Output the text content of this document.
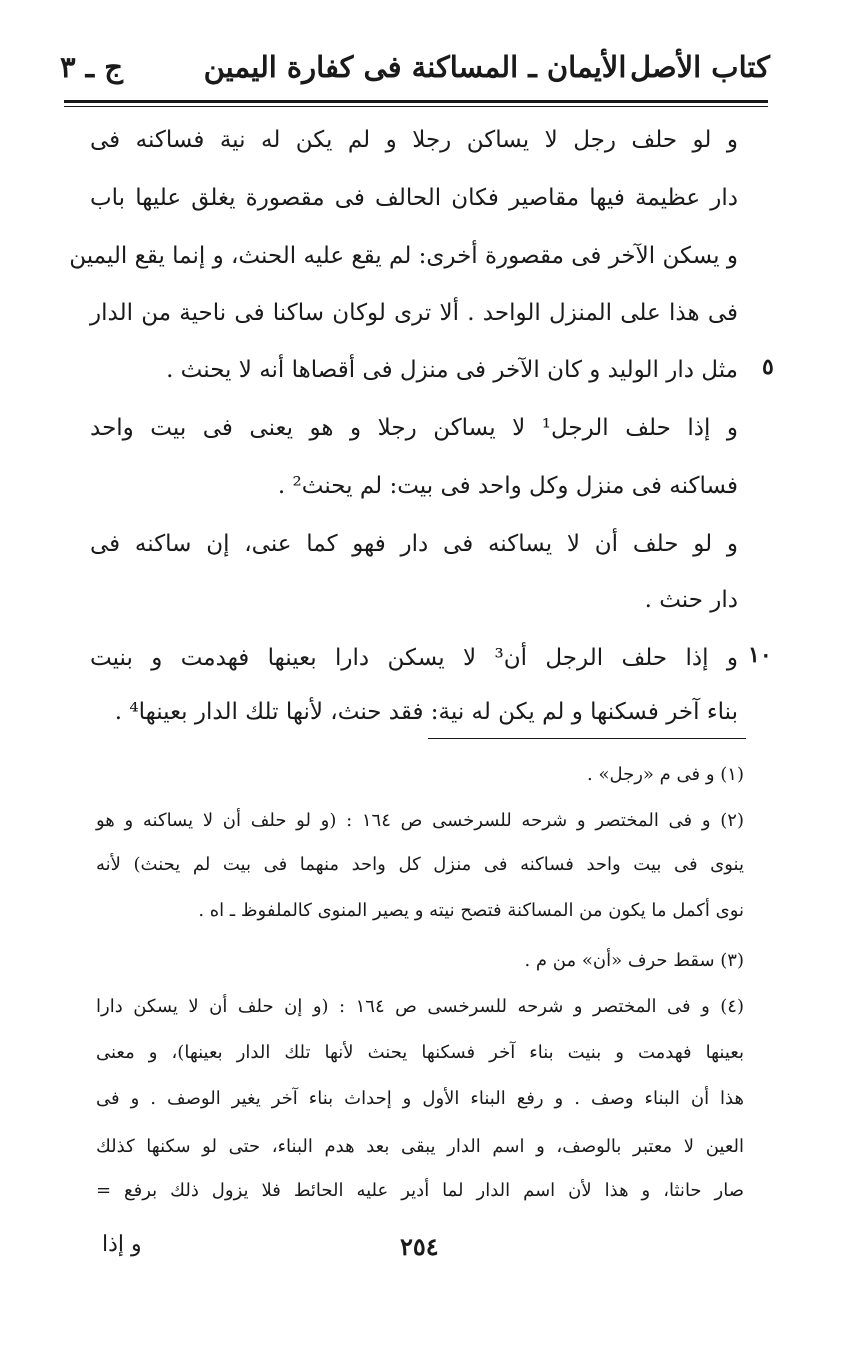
كتاب الأصل
الأيمان ـ المساكنة فى كفارة اليمين
ج ـ ٣
و لو حلف رجل لا يساكن رجلا و لم يكن له نية فساكنه فى
دار عظيمة فيها مقاصير فكان الحالف فى مقصورة يغلق عليها باب
و يسكن الآخر فى مقصورة أخرى: لم يقع عليه الحنث، و إنما يقع اليمين
فى هذا على المنزل الواحد . ألا ترى لوكان ساكنا فى ناحية من الدار
مثل دار الوليد و كان الآخر فى منزل فى أقصاها أنه لا يحنث . ٥
و إذا حلف الرجل¹ لا يساكن رجلا و هو يعنى فى بيت واحد
فساكنه فى منزل وكل واحد فى بيت: لم يحنث² .
و لو حلف أن لا يساكنه فى دار فهو كما عنى، إن ساكنه فى
دار حنث .
و إذا حلف الرجل أن³ لا يسكن دارا بعينها فهدمت و بنيت ١٠
بناء آخر فسكنها و لم يكن له نية: فقد حنث، لأنها تلك الدار بعينها⁴ .
(١) و فى م «رجل» .
(٢) و فى المختصر و شرحه للسرخسى ص ١٦٤ : (و لو حلف أن لا يساكنه و هو
ينوى فى بيت واحد فساكنه فى منزل كل واحد منهما فى بيت لم يحنث) لأنه
نوى أكمل ما يكون من المساكنة فتصح نيته و يصير المنوى كالملفوظ ـ اه .
(٣) سقط حرف «أن» من م .
(٤) و فى المختصر و شرحه للسرخسى ص ١٦٤ : (و إن حلف أن لا يسكن دارا
بعينها فهدمت و بنيت بناء آخر فسكنها يحنث لأنها تلك الدار بعينها)، و معنى
هذا أن البناء وصف . و رفع البناء الأول و إحداث بناء آخر يغير الوصف . و فى
العين لا معتبر بالوصف، و اسم الدار يبقى بعد هدم البناء، حتى لو سكنها كذلك
صار حانثا، و هذا لأن اسم الدار لما أدير عليه الحائط فلا يزول ذلك برفع =
٢٥٤
و إذا
